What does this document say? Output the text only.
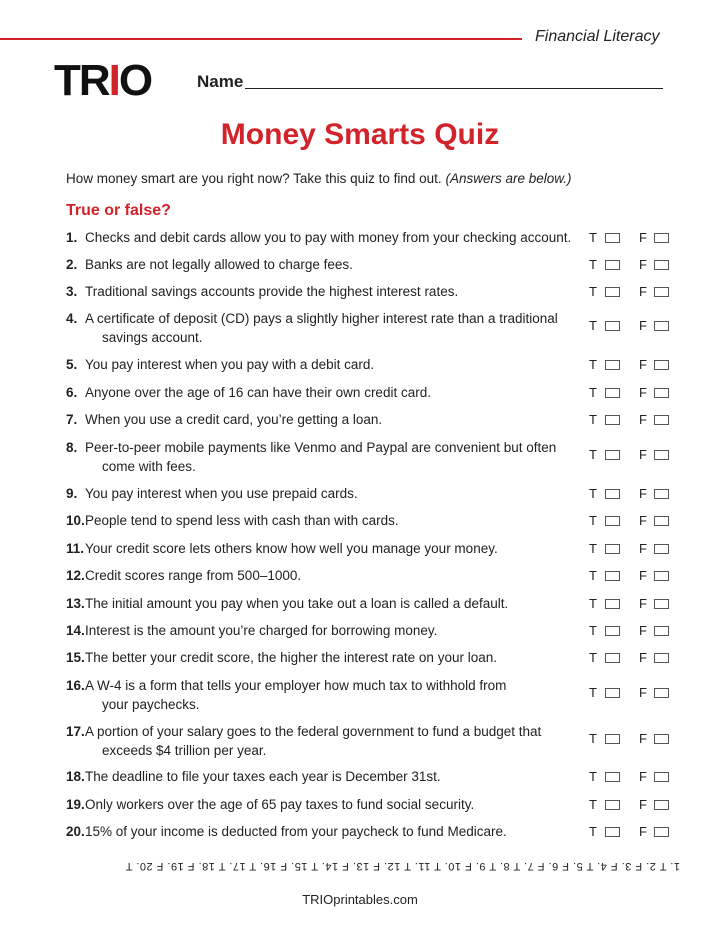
Financial Literacy
TRIO	Name
Money Smarts Quiz
How money smart are you right now? Take this quiz to find out. (Answers are below.)
True or false?
1. Checks and debit cards allow you to pay with money from your checking account. T	F
2. Banks are not legally allowed to charge fees.	T	F
3. Traditional savings accounts provide the highest interest rates.	T	F
4. A certificate of deposit (CD) pays a slightly higher interest rate than a traditional
savings account.
T	F
5. You pay interest when you pay with a debit card.	T	F
6. Anyone over the age of 16 can have their own credit card.	T	F
7. When you use a credit card, you’re getting a loan.	T	F
8. Peer-to-peer mobile payments like Venmo and Paypal are convenient but often
come with fees.
T	F
9. You pay interest when you use prepaid cards.	T	F
10. People tend to spend less with cash than with cards.	T	F
11. Your credit score lets others know how well you manage your money.	T	F
12. Credit scores range from 500–1000.	T	F
13. The initial amount you pay when you take out a loan is called a default.	T	F
14. Interest is the amount you’re charged for borrowing money.	T	F
15. The better your credit score, the higher the interest rate on your loan.	T	F
16. A W-4 is a form that tells your employer how much tax to withhold from
your paychecks.
T	F
17. A portion of your salary goes to the federal government to fund a budget that
exceeds $4 trillion per year.
T	F
18. The deadline to file your taxes each year is December 31st.	T	F
19. Only workers over the age of 65 pay taxes to fund social security.	T	F
20. 15% of your income is deducted from your paycheck to fund Medicare.	T	F
1. T 2. F 3. F 4. T 5. F 6. F 7. T 8. T 9. F 10. T 11. T 12. F 13. F 14. T 15. F 16. T 17. T 18. F 19. F 20. T
TRIOprintables.com
